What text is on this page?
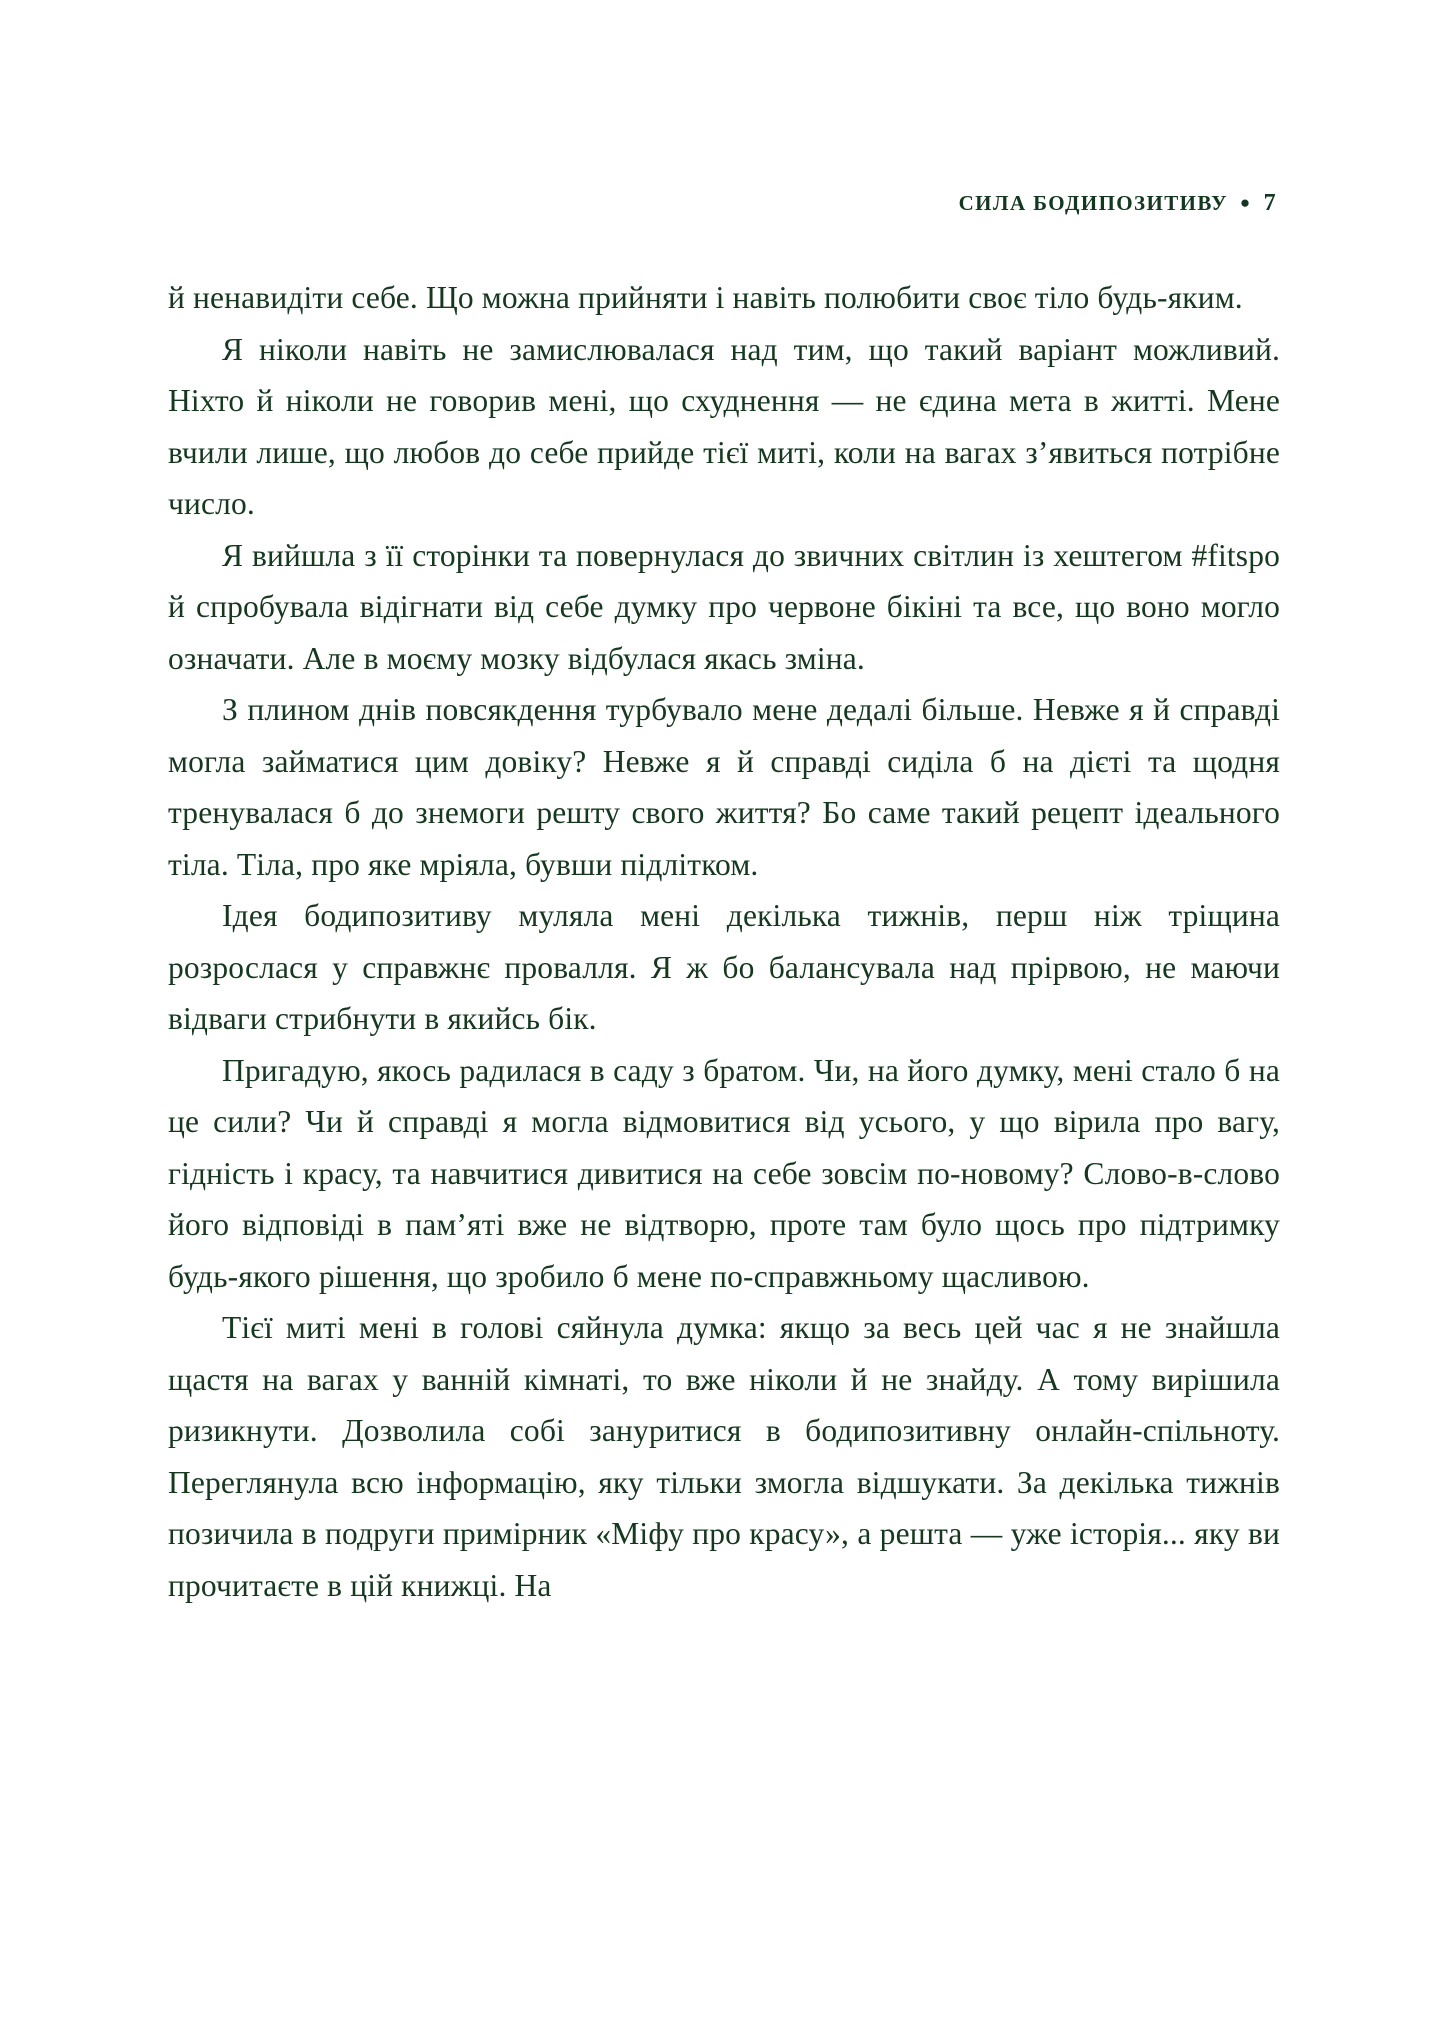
СИЛА БОДИПОЗИТИВУ ● 7

й ненавидіти себе. Що можна прийняти і навіть полюбити своє тіло будь-яким.

Я ніколи навіть не замислювалася над тим, що такий варіант можливий. Ніхто й ніколи не говорив мені, що схуднення — не єдина мета в житті. Мене вчили лише, що любов до себе прийде тієї миті, коли на вагах з’явиться потрібне число.

Я вийшла з її сторінки та повернулася до звичних світлин із хештегом #fitspo й спробувала відігнати від себе думку про червоне бікіні та все, що воно могло означати. Але в моєму мозку відбулася якась зміна.

З плином днів повсякдення турбувало мене дедалі більше. Невже я й справді могла займатися цим довіку? Невже я й справді сиділа б на дієті та щодня тренувалася б до знемоги решту свого життя? Бо саме такий рецепт ідеального тіла. Тіла, про яке мріяла, бувши підлітком.

Ідея бодипозитиву муляла мені декілька тижнів, перш ніж тріщина розрослася у справжнє провалля. Я ж бо балансувала над прірвою, не маючи відваги стрибнути в якийсь бік.

Пригадую, якось радилася в саду з братом. Чи, на його думку, мені стало б на це сили? Чи й справді я могла відмовитися від усього, у що вірила про вагу, гідність і красу, та навчитися дивитися на себе зовсім по-новому? Слово-в-слово його відповіді в пам’яті вже не відтворю, проте там було щось про підтримку будь-якого рішення, що зробило б мене по-справжньому щасливою.

Тієї миті мені в голові сяйнула думка: якщо за весь цей час я не знайшла щастя на вагах у ванній кімнаті, то вже ніколи й не знайду. А тому вирішила ризикнути. Дозволила собі зануритися в бодипозитивну онлайн-спільноту. Переглянула всю інформацію, яку тільки змогла відшукати. За декілька тижнів позичила в подруги примірник «Міфу про красу», а решта — уже історія... яку ви прочитаєте в цій книжці. На
